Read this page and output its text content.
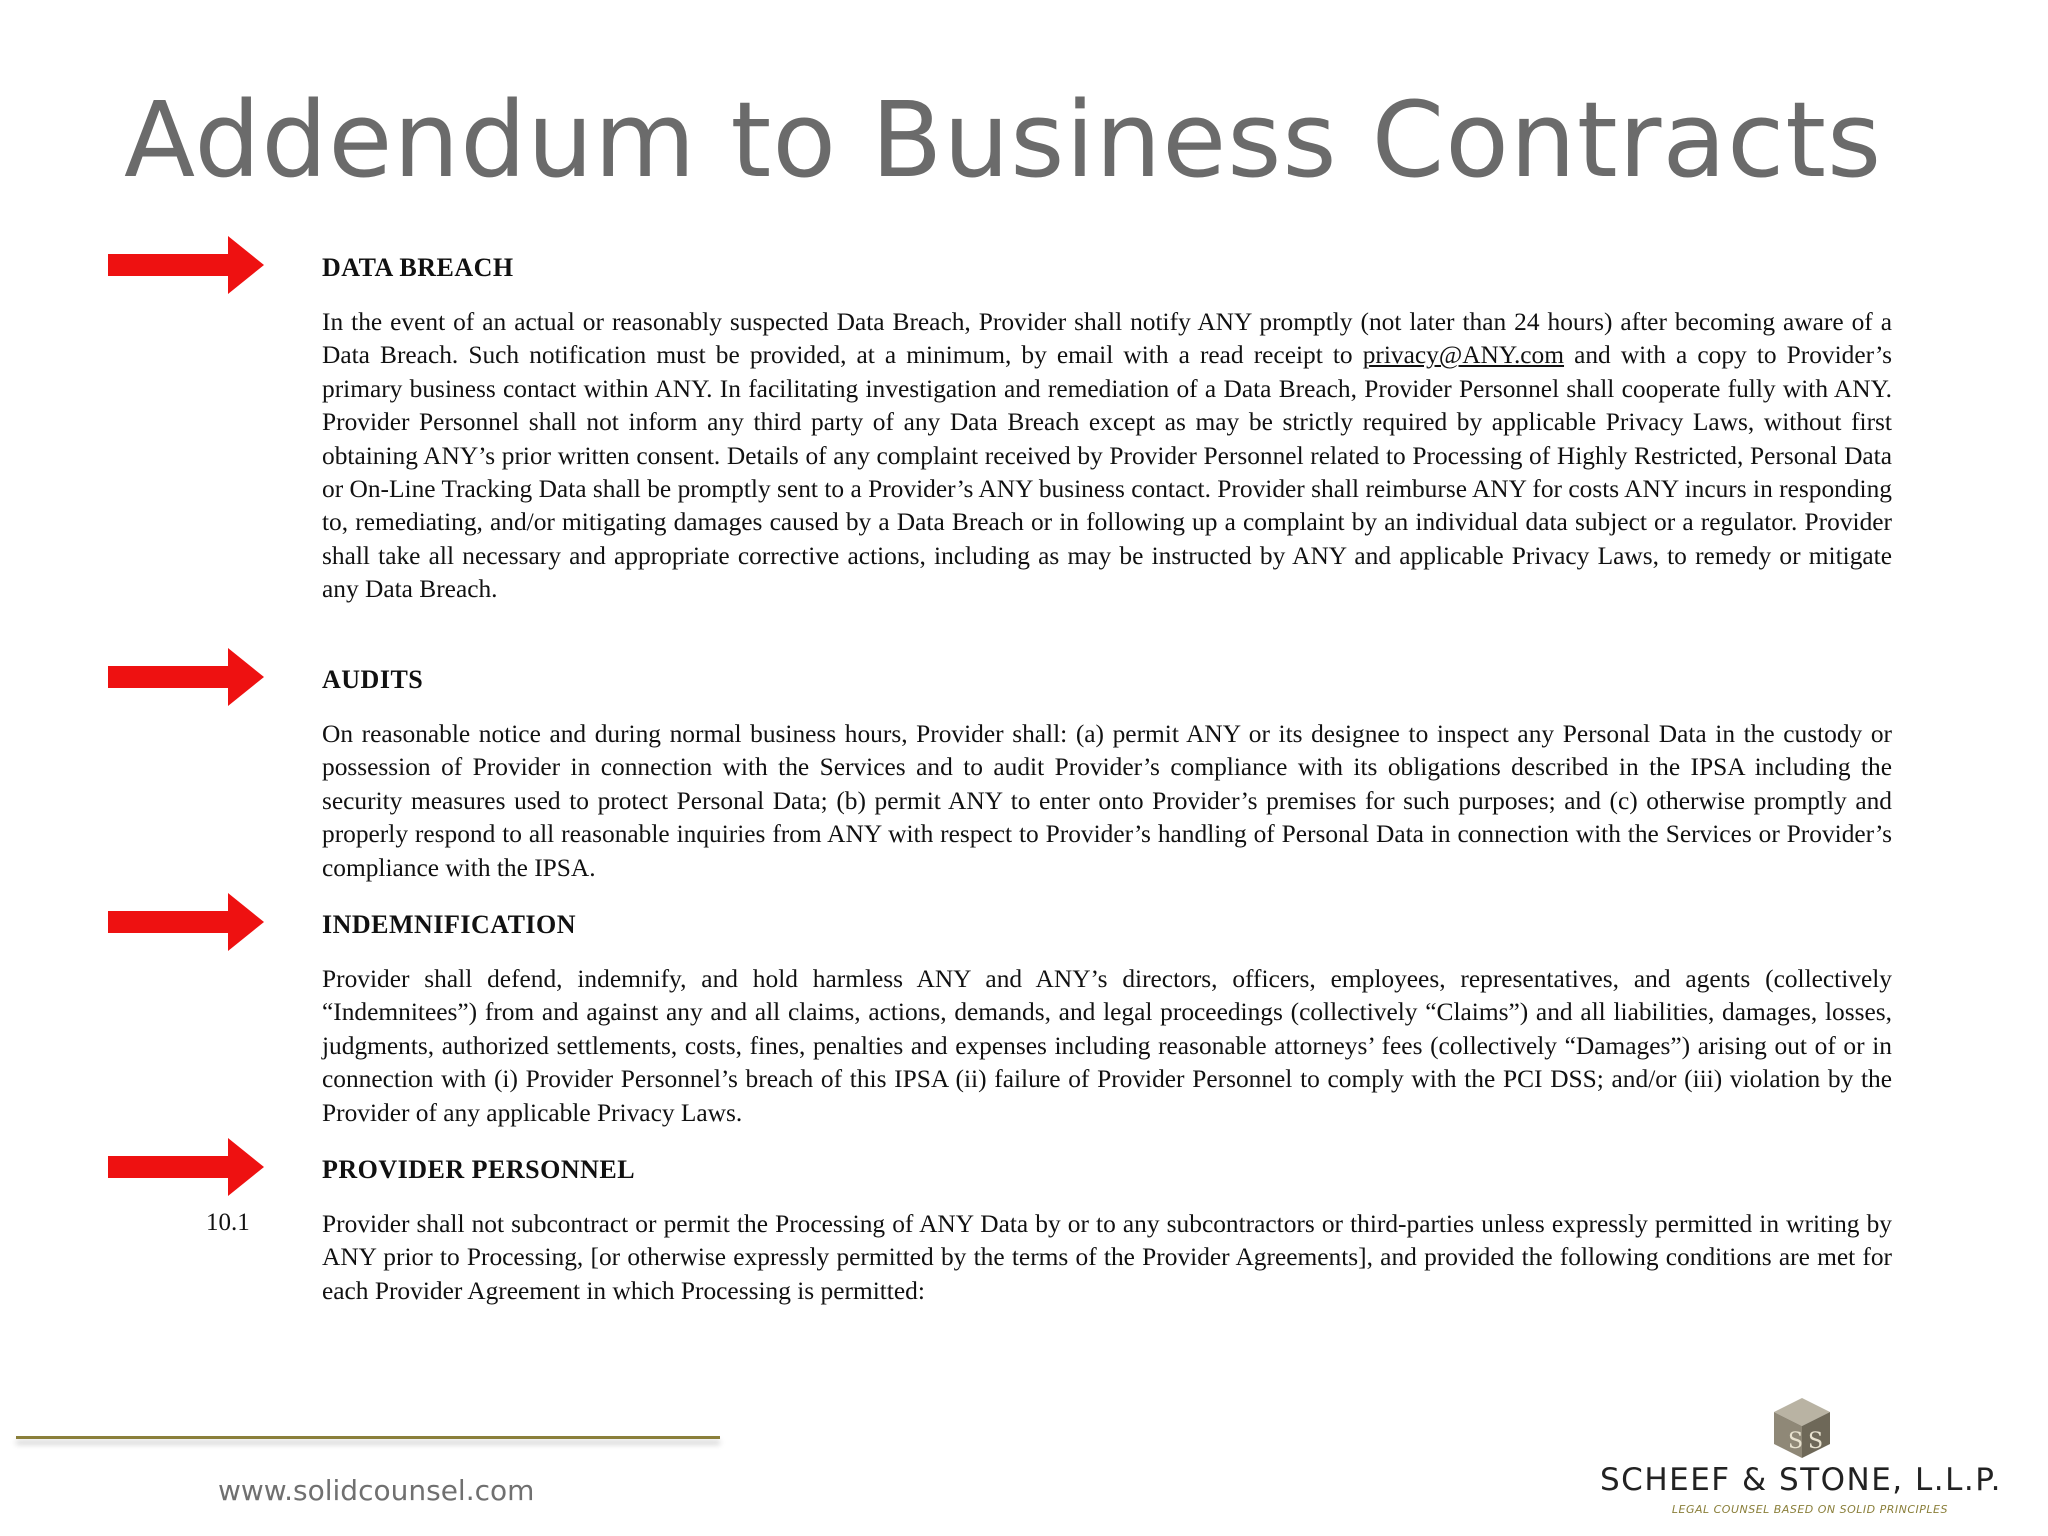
Addendum to Business Contracts
DATA BREACH
In the event of an actual or reasonably suspected Data Breach, Provider shall notify ANY promptly (not later than 24 hours) after becoming aware of a Data Breach. Such notification must be provided, at a minimum, by email with a read receipt to privacy@ANY.com and with a copy to Provider’s primary business contact within ANY. In facilitating investigation and remediation of a Data Breach, Provider Personnel shall cooperate fully with ANY. Provider Personnel shall not inform any third party of any Data Breach except as may be strictly required by applicable Privacy Laws, without first obtaining ANY’s prior written consent. Details of any complaint received by Provider Personnel related to Processing of Highly Restricted, Personal Data or On-Line Tracking Data shall be promptly sent to a Provider’s ANY business contact. Provider shall reimburse ANY for costs ANY incurs in responding to, remediating, and/or mitigating damages caused by a Data Breach or in following up a complaint by an individual data subject or a regulator. Provider shall take all necessary and appropriate corrective actions, including as may be instructed by ANY and applicable Privacy Laws, to remedy or mitigate any Data Breach.
AUDITS
On reasonable notice and during normal business hours, Provider shall: (a) permit ANY or its designee to inspect any Personal Data in the custody or possession of Provider in connection with the Services and to audit Provider’s compliance with its obligations described in the IPSA including the security measures used to protect Personal Data; (b) permit ANY to enter onto Provider’s premises for such purposes; and (c) otherwise promptly and properly respond to all reasonable inquiries from ANY with respect to Provider’s handling of Personal Data in connection with the Services or Provider’s compliance with the IPSA.
INDEMNIFICATION
Provider shall defend, indemnify, and hold harmless ANY and ANY’s directors, officers, employees, representatives, and agents (collectively “Indemnitees”) from and against any and all claims, actions, demands, and legal proceedings (collectively “Claims”) and all liabilities, damages, losses, judgments, authorized settlements, costs, fines, penalties and expenses including reasonable attorneys’ fees (collectively “Damages”) arising out of or in connection with (i) Provider Personnel’s breach of this IPSA (ii) failure of Provider Personnel to comply with the PCI DSS; and/or (iii) violation by the Provider of any applicable Privacy Laws.
PROVIDER PERSONNEL
10.1	Provider shall not subcontract or permit the Processing of ANY Data by or to any subcontractors or third-parties unless expressly permitted in writing by ANY prior to Processing, [or otherwise expressly permitted by the terms of the Provider Agreements], and provided the following conditions are met for each Provider Agreement in which Processing is permitted:
www.solidcounsel.com
S S
SCHEEF & STONE, L.L.P.
LEGAL COUNSEL BASED ON SOLID PRINCIPLES
